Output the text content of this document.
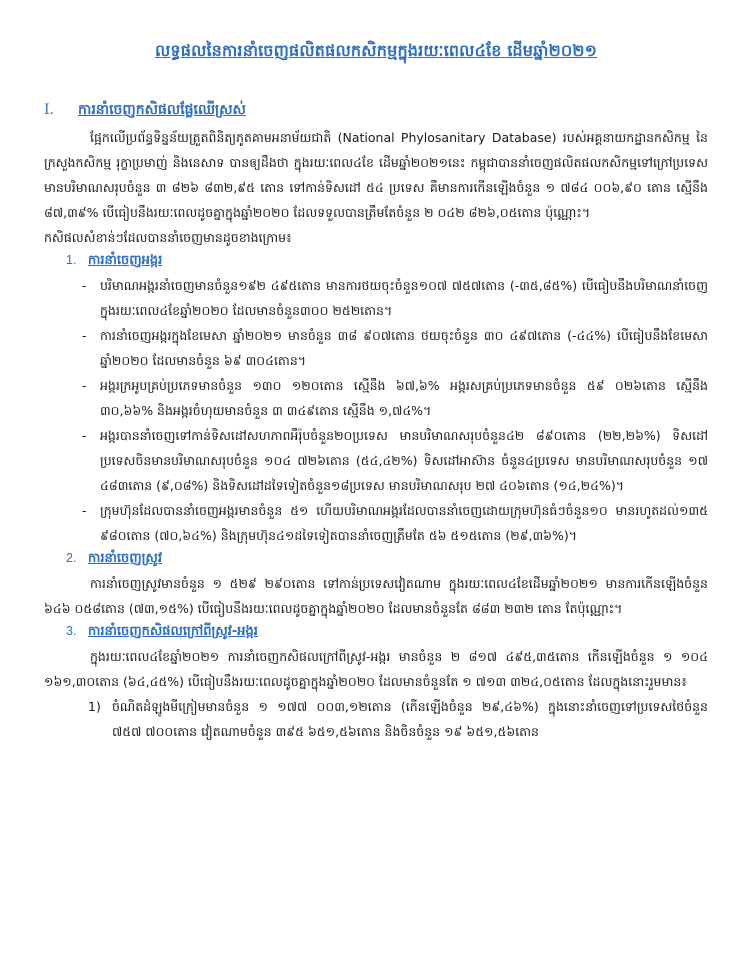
លទ្ធផលនៃការនាំចេញផលិតផលកសិកម្មក្នុងរយៈពេល៤ខែ ដើមឆ្នាំ២០២១
I.	ការនាំចេញកសិផលផ្លែឈើស្រស់

ផ្អែកលើប្រព័ន្ធទិន្នន័យត្រួតពិនិត្យភូតគាមអនាម័យជាតិ (National Phylosanitary Database) របស់អគ្គនាយកដ្ឋានកសិកម្ម នៃក្រសួងកសិកម្ម រុក្ខាប្រមាញ់ និងនេសាទ បានឲ្យដឹងថា ក្នុងរយៈពេល៤ខែ ដើមឆ្នាំ២០២១នេះ កម្ពុជាបាននាំចេញផលិតផលកសិកម្មទៅក្រៅប្រទេស មានបរិមាណសរុបចំនួន ៣ ៨២៦ ៨៣២,៩៥ តោន ទៅកាន់ទិសដៅ ៥៤ ប្រទេស គឺមានការកើនឡើងចំនួន ១ ៧៨៤ ០០៦,៩០ តោន ស្មើនឹង ៨៧,៣៩% បើធៀបនឹងរយៈពេលដូចគ្នាក្នុងឆ្នាំ២០២០ ដែលទទួលបានត្រឹមតែចំនួន ២ ០៤២ ៨២៦,០៥តោន ប៉ុណ្ណោះ។

កសិផលសំខាន់ៗដែលបាននាំចេញមានដូចខាងក្រោម៖

1. ការនាំចេញអង្ករ
- បរិមាណអង្ករនាំចេញមានចំនួន១៩២ ៤៩៥តោន មានការថយចុះចំនួន១០៧ ៧៥៧តោន (-៣៥,៨៥%) បើធៀបនឹងបរិមាណនាំចេញក្នុងរយៈពេល៤ខែឆ្នាំ២០២០ ដែលមានចំនួន៣០០ ២៥២តោន។
- ការនាំចេញអង្ករក្នុងខែមេសា ឆ្នាំ២០២១ មានចំនួន ៣៨ ៩០៧តោន ថយចុះចំនួន ៣០ ៤៩៧តោន (-៤៤%) បើធៀបនឹងខែមេសា ឆ្នាំ២០២០ ដែលមានចំនួន ៦៩ ៣០៤តោន។
- អង្ករក្រអូបគ្រប់ប្រភេទមានចំនួន ១៣០ ១២០តោន ស្មើនឹង ៦៧,៦% អង្ករសគ្រប់ប្រភេទមានចំនួន ៥៩ ០២៦តោន ស្មើនឹង ៣០,៦៦% និងអង្ករចំហុយមានចំនួន ៣ ៣៤៩តោន ស្មើនឹង ១,៧៤%។
- អង្ករបាននាំចេញទៅកាន់ទិសដៅសហភាពអឺរ៉ុបចំនួន២០ប្រទេស មានបរិមាណសរុបចំនួន៤២ ៨៩០តោន (២២,២៦%) ទិសដៅប្រទេសចិនមានបរិមាណសរុបចំនួន ១០៤ ៧២៦តោន (៥៤,៤២%) ទិសដៅអាស៊ាន ចំនួន៤ប្រទេស មានបរិមាណសរុបចំនួន ១៧ ៤៨៣តោន (៩,០៨%) និងទិសដៅដទៃទៀតចំនួន១៨ប្រទេស មានបរិមាណសរុប ២៧ ៤០៦តោន (១៤,២៤%)។
- ក្រុមហ៊ុនដែលបាននាំចេញអង្ករមានចំនួន ៥១ ហើយបរិមាណអង្ករដែលបាននាំចេញដោយក្រុមហ៊ុនធំៗចំនួន១០ មានរហូតដល់១៣៥ ៩៨០តោន (៧០,៦៤%) និងក្រុមហ៊ុន៤១ដទៃទៀតបាននាំចេញត្រឹមតែ ៥៦ ៥១៥តោន (២៩,៣៦%)។
2. ការនាំចេញស្រូវ

ការនាំចេញស្រូវមានចំនួន ១ ៥២៩ ២៩០តោន ទៅកាន់ប្រទេសវៀតណាម ក្នុងរយៈពេល៤ខែដើមឆ្នាំ២០២១ មានការកើនឡើងចំនួន ៦៤៦ ០៥៨តោន (៧៣,១៥%) បើធៀបនឹងរយៈពេលដូចគ្នាក្នុងឆ្នាំ២០២០ ដែលមានចំនួនតែ ៨៨៣ ២៣២ តោន តែប៉ុណ្ណោះ។

3. ការនាំចេញកសិផលក្រៅពីស្រូវ-អង្ករ

ក្នុងរយៈពេល៤ខែឆ្នាំ២០២១ ការនាំចេញកសិផលក្រៅពីស្រូវ-អង្ករ មានចំនួន ២ ៨១៧ ៤៩៥,៣៥តោន កើនឡើងចំនួន ១ ១០៤ ១៦១,៣០តោន (៦៤,៤៥%) បើធៀបនឹងរយៈពេលដូចគ្នាក្នុងឆ្នាំ២០២០ ដែលមានចំនួនតែ ១ ៧១៣ ៣២៤,០៥តោន ដែលក្នុងនោះរួមមាន៖

1) ចំណិតដំឡូងមីក្រៀមមានចំនួន ១ ១៧៧ ០០៣,១២តោន (កើនឡើងចំនួន ២៩,៤៦%) ក្នុងនោះនាំចេញទៅប្រទេសថៃចំនួន ៧៥៧ ៧០០តោន វៀតណាមចំនួន ៣៩៥ ៦៥១,៥៦តោន និងចិនចំនួន ១៩ ៦៥១,៥៦តោន
